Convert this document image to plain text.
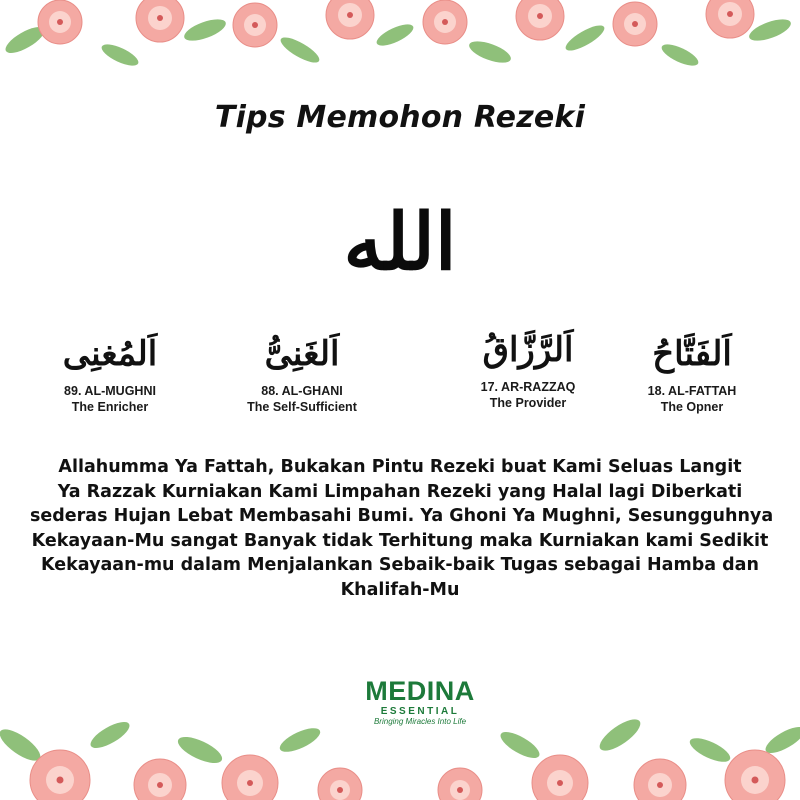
Tips Memohon Rezeki
الله
اَلمُغنِى
89. AL-MUGHNI
The Enricher
اَلغَنِىُّ
88. AL-GHANI
The Self-Sufficient
اَلرَّزَّاقُ
17. AR-RAZZAQ
The Provider
اَلفَتَّاحُ
18. AL-FATTAH
The Opner
Allahumma Ya Fattah, Bukakan Pintu Rezeki buat Kami Seluas Langit
Ya Razzak Kurniakan Kami Limpahan Rezeki yang Halal lagi Diberkati
sederas Hujan Lebat Membasahi Bumi. Ya Ghoni Ya Mughni, Sesungguhnya
Kekayaan-Mu sangat Banyak tidak Terhitung maka Kurniakan kami Sedikit
Kekayaan-mu dalam Menjalankan Sebaik-baik Tugas sebagai Hamba dan
Khalifah-Mu
MEDINA
ESSENTIAL
Bringing Miracles Into Life
